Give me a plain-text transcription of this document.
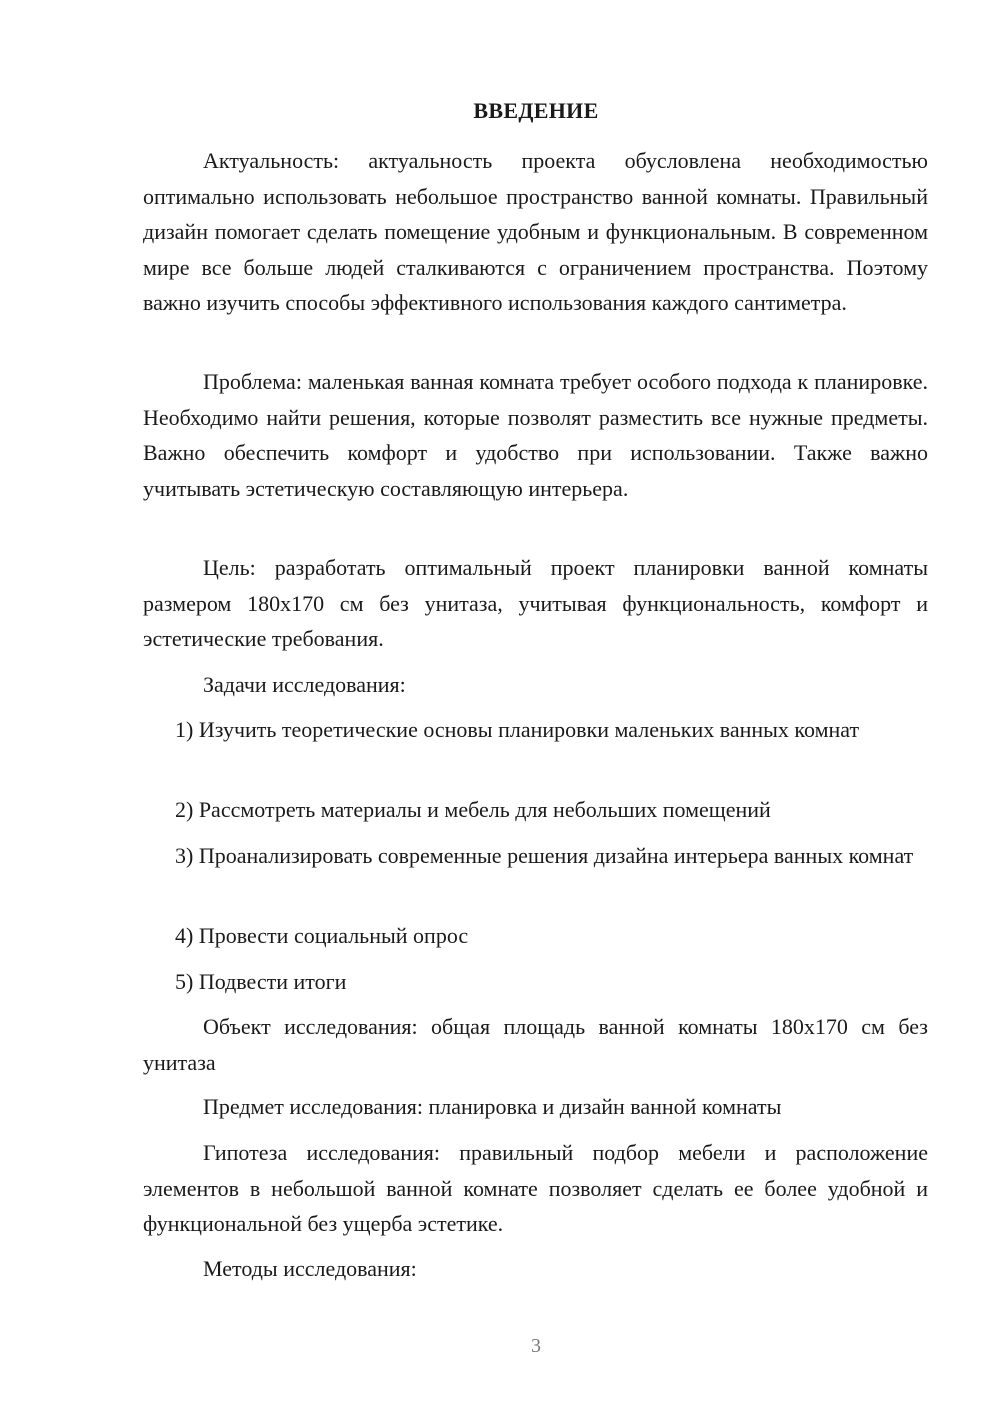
ВВЕДЕНИЕ

Актуальность: актуальность проекта обусловлена необходимостью оптимально использовать небольшое пространство ванной комнаты. Правильный дизайн помогает сделать помещение удобным и функциональным. В современном мире все больше людей сталкиваются с ограничением пространства. Поэтому важно изучить способы эффективного использования каждого сантиметра.

Проблема: маленькая ванная комната требует особого подхода к планировке. Необходимо найти решения, которые позволят разместить все нужные предметы. Важно обеспечить комфорт и удобство при использовании. Также важно учитывать эстетическую составляющую интерьера.

Цель: разработать оптимальный проект планировки ванной комнаты размером 180x170 см без унитаза, учитывая функциональность, комфорт и эстетические требования.

Задачи исследования:

1) Изучить теоретические основы планировки маленьких ванных комнат

2) Рассмотреть материалы и мебель для небольших помещений

3) Проанализировать современные решения дизайна интерьера ванных комнат

4) Провести социальный опрос

5) Подвести итоги

Объект исследования: общая площадь ванной комнаты 180x170 см без унитаза

Предмет исследования: планировка и дизайн ванной комнаты

Гипотеза исследования: правильный подбор мебели и расположение элементов в небольшой ванной комнате позволяет сделать ее более удобной и функциональной без ущерба эстетике.

Методы исследования:

3
